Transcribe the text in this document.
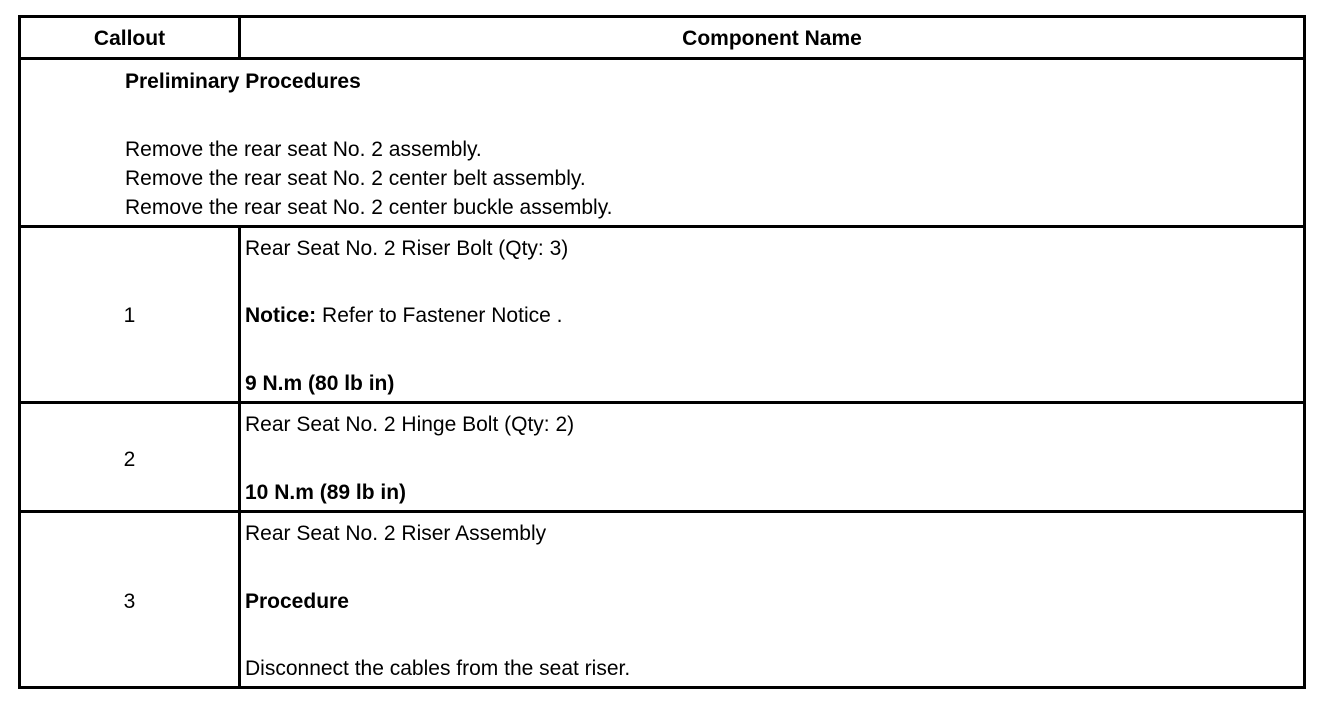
Callout	Component Name
Preliminary Procedures
Remove the rear seat No. 2 assembly.
Remove the rear seat No. 2 center belt assembly.
Remove the rear seat No. 2 center buckle assembly.
1
Rear Seat No. 2 Riser Bolt (Qty: 3)
Notice: Refer to Fastener Notice .
9 N.m (80 lb in)
2
Rear Seat No. 2 Hinge Bolt (Qty: 2)
10 N.m (89 lb in)
3
Rear Seat No. 2 Riser Assembly
Procedure
Disconnect the cables from the seat riser.
